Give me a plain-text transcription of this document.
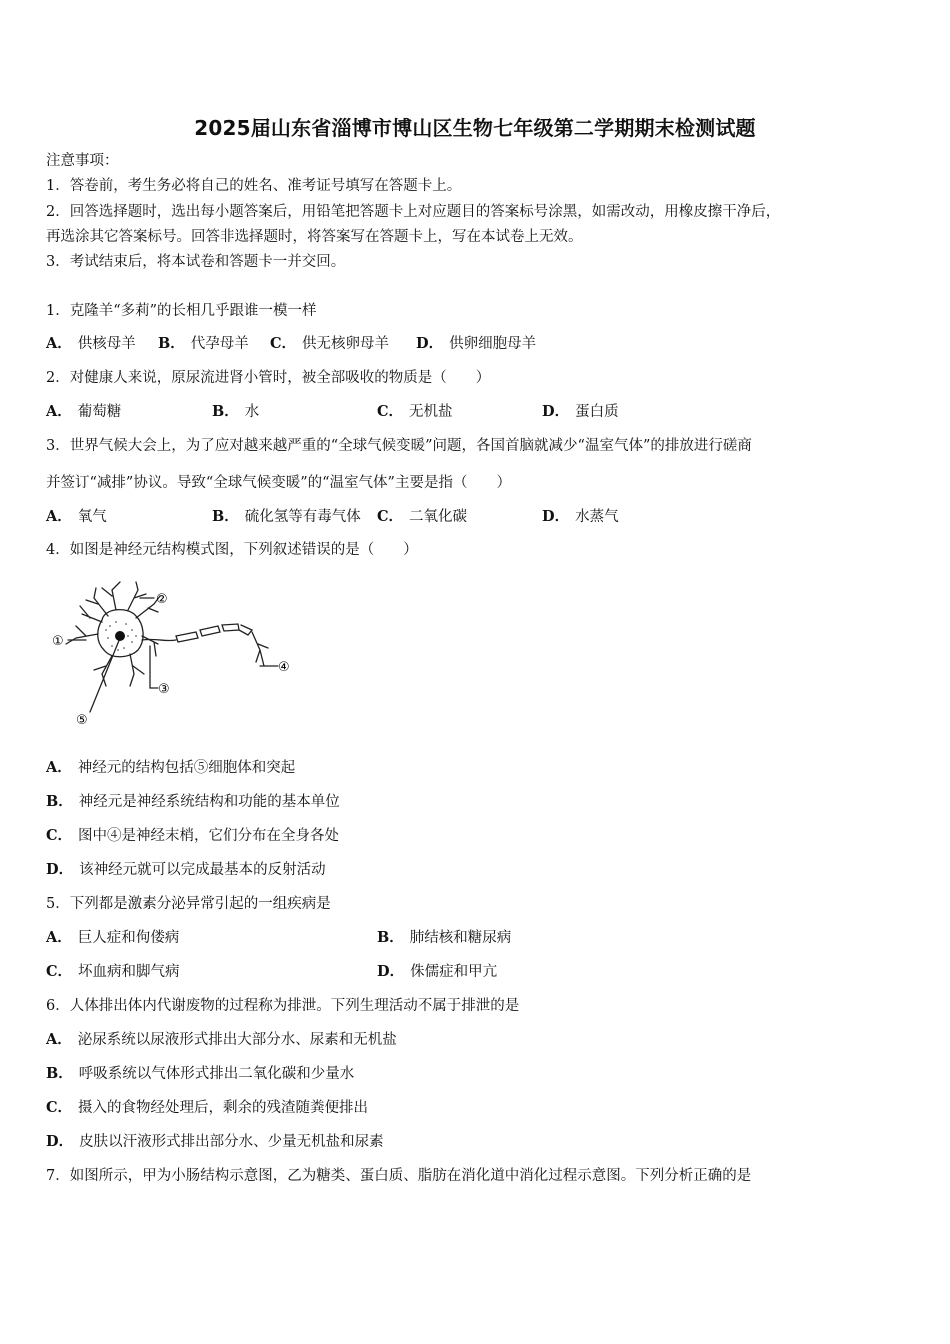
2025届山东省淄博市博山区生物七年级第二学期期末检测试题
注意事项：
1．答卷前，考生务必将自己的姓名、准考证号填写在答题卡上。
2．回答选择题时，选出每小题答案后，用铅笔把答题卡上对应题目的答案标号涂黑，如需改动，用橡皮擦干净后，
再选涂其它答案标号。回答非选择题时，将答案写在答题卡上，写在本试卷上无效。
3．考试结束后，将本试卷和答题卡一并交回。
1．克隆羊“多莉”的长相几乎跟谁一模一样
A． 供核母羊 B． 代孕母羊 C． 供无核卵母羊 D． 供卵细胞母羊
2．对健康人来说，原尿流进肾小管时，被全部吸收的物质是（　　）
A． 葡萄糖	B． 水	C． 无机盐	D． 蛋白质
3．世界气候大会上，为了应对越来越严重的“全球气候变暖”问题，各国首脑就减少“温室气体”的排放进行磋商
并签订“减排”协议。导致“全球气候变暖”的“温室气体”主要是指（　　）
A． 氧气	B． 硫化氢等有毒气体 C． 二氧化碳	D． 水蒸气
4．如图是神经元结构模式图，下列叙述错误的是（　　）
②
①
③
④
⑤
A． 神经元的结构包括⑤细胞体和突起
B． 神经元是神经系统结构和功能的基本单位
C． 图中④是神经末梢，它们分布在全身各处
D． 该神经元就可以完成最基本的反射活动
5．下列都是激素分泌异常引起的一组疾病是
A． 巨人症和佝偻病	B． 肺结核和糖尿病
C． 坏血病和脚气病	D． 侏儒症和甲亢
6．人体排出体内代谢废物的过程称为排泄。下列生理活动不属于排泄的是
A． 泌尿系统以尿液形式排出大部分水、尿素和无机盐
B． 呼吸系统以气体形式排出二氧化碳和少量水
C． 摄入的食物经处理后，剩余的残渣随粪便排出
D． 皮肤以汗液形式排出部分水、少量无机盐和尿素
7．如图所示，甲为小肠结构示意图，乙为糖类、蛋白质、脂肪在消化道中消化过程示意图。下列分析正确的是
